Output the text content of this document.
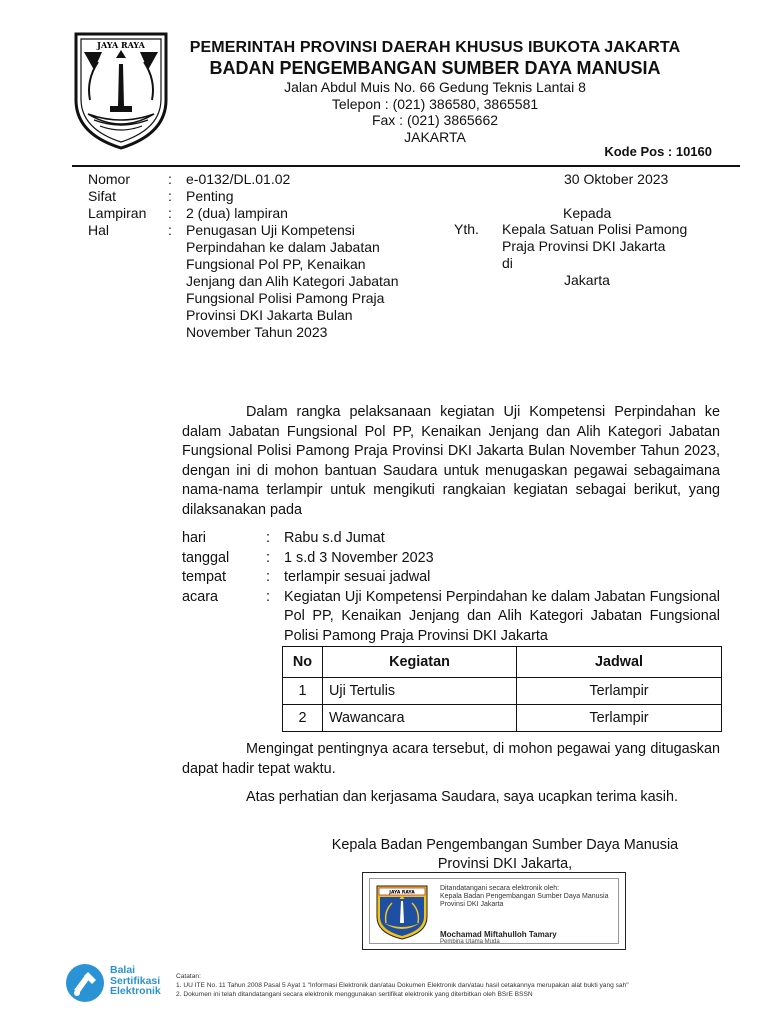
JAYA RAYA	PEMERINTAH PROVINSI DAERAH KHUSUS IBUKOTA JAKARTA
BADAN PENGEMBANGAN SUMBER DAYA MANUSIA
Jalan Abdul Muis No. 66 Gedung Teknis Lantai 8
Telepon : (021) 386580, 3865581
Fax : (021) 3865662
JAKARTA
Kode Pos : 10160
Nomor	:	e-0132/DL.01.02
Sifat	:	Penting
Lampiran	:	2 (dua) lampiran
Hal	:	Penugasan Uji Kompetensi Perpindahan ke dalam Jabatan Fungsional Pol PP, Kenaikan Jenjang dan Alih Kategori Jabatan Fungsional Polisi Pamong Praja Provinsi DKI Jakarta Bulan November Tahun 2023
30 Oktober 2023
Kepada
Yth.	Kepala Satuan Polisi Pamong Praja Provinsi DKI Jakarta
di
Jakarta
Dalam rangka pelaksanaan kegiatan Uji Kompetensi Perpindahan ke dalam Jabatan Fungsional Pol PP, Kenaikan Jenjang dan Alih Kategori Jabatan Fungsional Polisi Pamong Praja Provinsi DKI Jakarta Bulan November Tahun 2023, dengan ini di mohon bantuan Saudara untuk menugaskan pegawai sebagaimana nama-nama terlampir untuk mengikuti rangkaian kegiatan sebagai berikut, yang dilaksanakan pada
hari	: Rabu s.d Jumat
tanggal	: 1 s.d 3 November 2023
tempat	: terlampir sesuai jadwal
acara	: Kegiatan Uji Kompetensi Perpindahan ke dalam Jabatan Fungsional Pol PP, Kenaikan Jenjang dan Alih Kategori Jabatan Fungsional Polisi Pamong Praja Provinsi DKI Jakarta
No	Kegiatan	Jadwal
1	Uji Tertulis	Terlampir
2	Wawancara	Terlampir
Mengingat pentingnya acara tersebut, di mohon pegawai yang ditugaskan dapat hadir tepat waktu.
Atas perhatian dan kerjasama Saudara, saya ucapkan terima kasih.
Kepala Badan Pengembangan Sumber Daya Manusia
Provinsi DKI Jakarta,
JAYA RAYA
Ditandatangani secara elektronik oleh:
Kepala Badan Pengembangan Sumber Daya Manusia
Provinsi DKI Jakarta
Mochamad Miftahulloh Tamary
Pembina Utama Muda
Balai
Sertifikasi
Elektronik
Catatan:
1. UU ITE No. 11 Tahun 2008 Pasal 5 Ayat 1 "Informasi Elektronik dan/atau Dokumen Elektronik dan/atau hasil cetakannya merupakan alat bukti yang sah"
2. Dokumen ini telah ditandatangani secara elektronik menggunakan sertifikat elektronik yang diterbitkan oleh BSrE BSSN
